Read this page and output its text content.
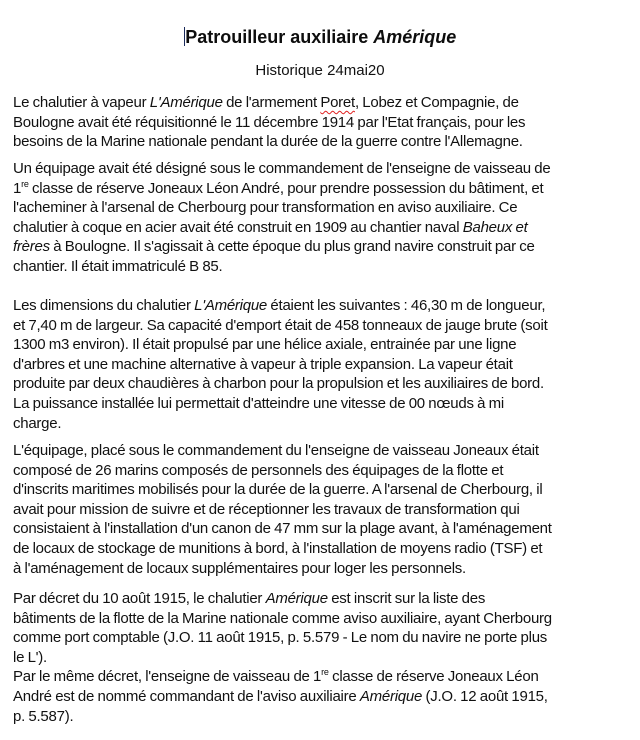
Patrouilleur auxiliaire Amérique
Historique 24mai20
Le chalutier à vapeur L'Amérique de l'armement Poret, Lobez et Compagnie, de
Boulogne avait été réquisitionné le 11 décembre 1914 par l'Etat français, pour les
besoins de la Marine nationale pendant la durée de la guerre contre l'Allemagne.
Un équipage avait été désigné sous le commandement de l'enseigne de vaisseau de
1re classe de réserve Joneaux Léon André, pour prendre possession du bâtiment, et
l'acheminer à l'arsenal de Cherbourg pour transformation en aviso auxiliaire. Ce
chalutier à coque en acier avait été construit en 1909 au chantier naval Baheux et
frères à Boulogne. Il s'agissait à cette époque du plus grand navire construit par ce
chantier. Il était immatriculé B 85.
Les dimensions du chalutier L'Amérique étaient les suivantes : 46,30 m de longueur,
et 7,40 m de largeur. Sa capacité d'emport était de 458 tonneaux de jauge brute (soit
1300 m3 environ). Il était propulsé par une hélice axiale, entrainée par une ligne
d'arbres et une machine alternative à vapeur à triple expansion. La vapeur était
produite par deux chaudières à charbon pour la propulsion et les auxiliaires de bord.
La puissance installée lui permettait d'atteindre une vitesse de 00 nœuds à mi
charge.
L'équipage, placé sous le commandement du l'enseigne de vaisseau Joneaux était
composé de 26 marins composés de personnels des équipages de la flotte et
d'inscrits maritimes mobilisés pour la durée de la guerre. A l'arsenal de Cherbourg, il
avait pour mission de suivre et de réceptionner les travaux de transformation qui
consistaient à l'installation d'un canon de 47 mm sur la plage avant, à l'aménagement
de locaux de stockage de munitions à bord, à l'installation de moyens radio (TSF) et
à l'aménagement de locaux supplémentaires pour loger les personnels.
Par décret du 10 août 1915, le chalutier Amérique est inscrit sur la liste des
bâtiments de la flotte de la Marine nationale comme aviso auxiliaire, ayant Cherbourg
comme port comptable (J.O. 11 août 1915, p. 5.579 - Le nom du navire ne porte plus
le L').
Par le même décret, l'enseigne de vaisseau de 1re classe de réserve Joneaux Léon
André est de nommé commandant de l'aviso auxiliaire Amérique (J.O. 12 août 1915,
p. 5.587).
